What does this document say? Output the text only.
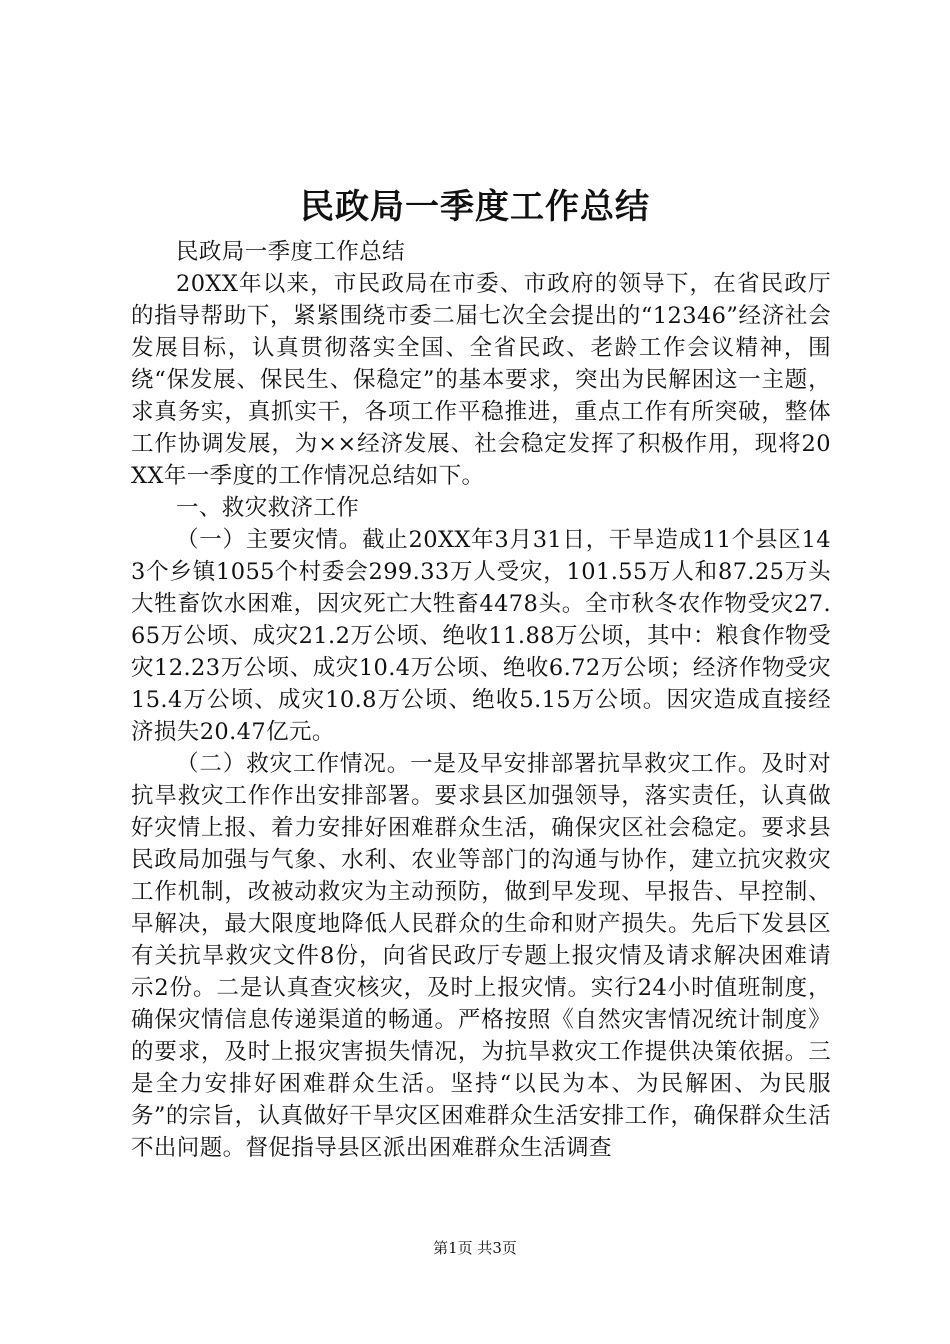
民政局一季度工作总结

民政局一季度工作总结

20XX年以来，市民政局在市委、市政府的领导下，在省民政厅的指导帮助下，紧紧围绕市委二届七次全会提出的“12346”经济社会发展目标，认真贯彻落实全国、全省民政、老龄工作会议精神，围绕“保发展、保民生、保稳定”的基本要求，突出为民解困这一主题，求真务实，真抓实干，各项工作平稳推进，重点工作有所突破，整体工作协调发展，为××经济发展、社会稳定发挥了积极作用，现将20XX年一季度的工作情况总结如下。

一、救灾救济工作

（一）主要灾情。截止20XX年3月31日，干旱造成11个县区143个乡镇1055个村委会299.33万人受灾，101.55万人和87.25万头大牲畜饮水困难，因灾死亡大牲畜4478头。全市秋冬农作物受灾27.65万公顷、成灾21.2万公顷、绝收11.88万公顷，其中：粮食作物受灾12.23万公顷、成灾10.4万公顷、绝收6.72万公顷；经济作物受灾15.4万公顷、成灾10.8万公顷、绝收5.15万公顷。因灾造成直接经济损失20.47亿元。

（二）救灾工作情况。一是及早安排部署抗旱救灾工作。及时对抗旱救灾工作作出安排部署。要求县区加强领导，落实责任，认真做好灾情上报、着力安排好困难群众生活，确保灾区社会稳定。要求县民政局加强与气象、水利、农业等部门的沟通与协作，建立抗灾救灾工作机制，改被动救灾为主动预防，做到早发现、早报告、早控制、早解决，最大限度地降低人民群众的生命和财产损失。先后下发县区有关抗旱救灾文件8份，向省民政厅专题上报灾情及请求解决困难请示2份。二是认真查灾核灾，及时上报灾情。实行24小时值班制度，确保灾情信息传递渠道的畅通。严格按照《自然灾害情况统计制度》的要求，及时上报灾害损失情况，为抗旱救灾工作提供决策依据。三是全力安排好困难群众生活。坚持“以民为本、为民解困、为民服务”的宗旨，认真做好干旱灾区困难群众生活安排工作，确保群众生活不出问题。督促指导县区派出困难群众生活调查

第1页 共3页
